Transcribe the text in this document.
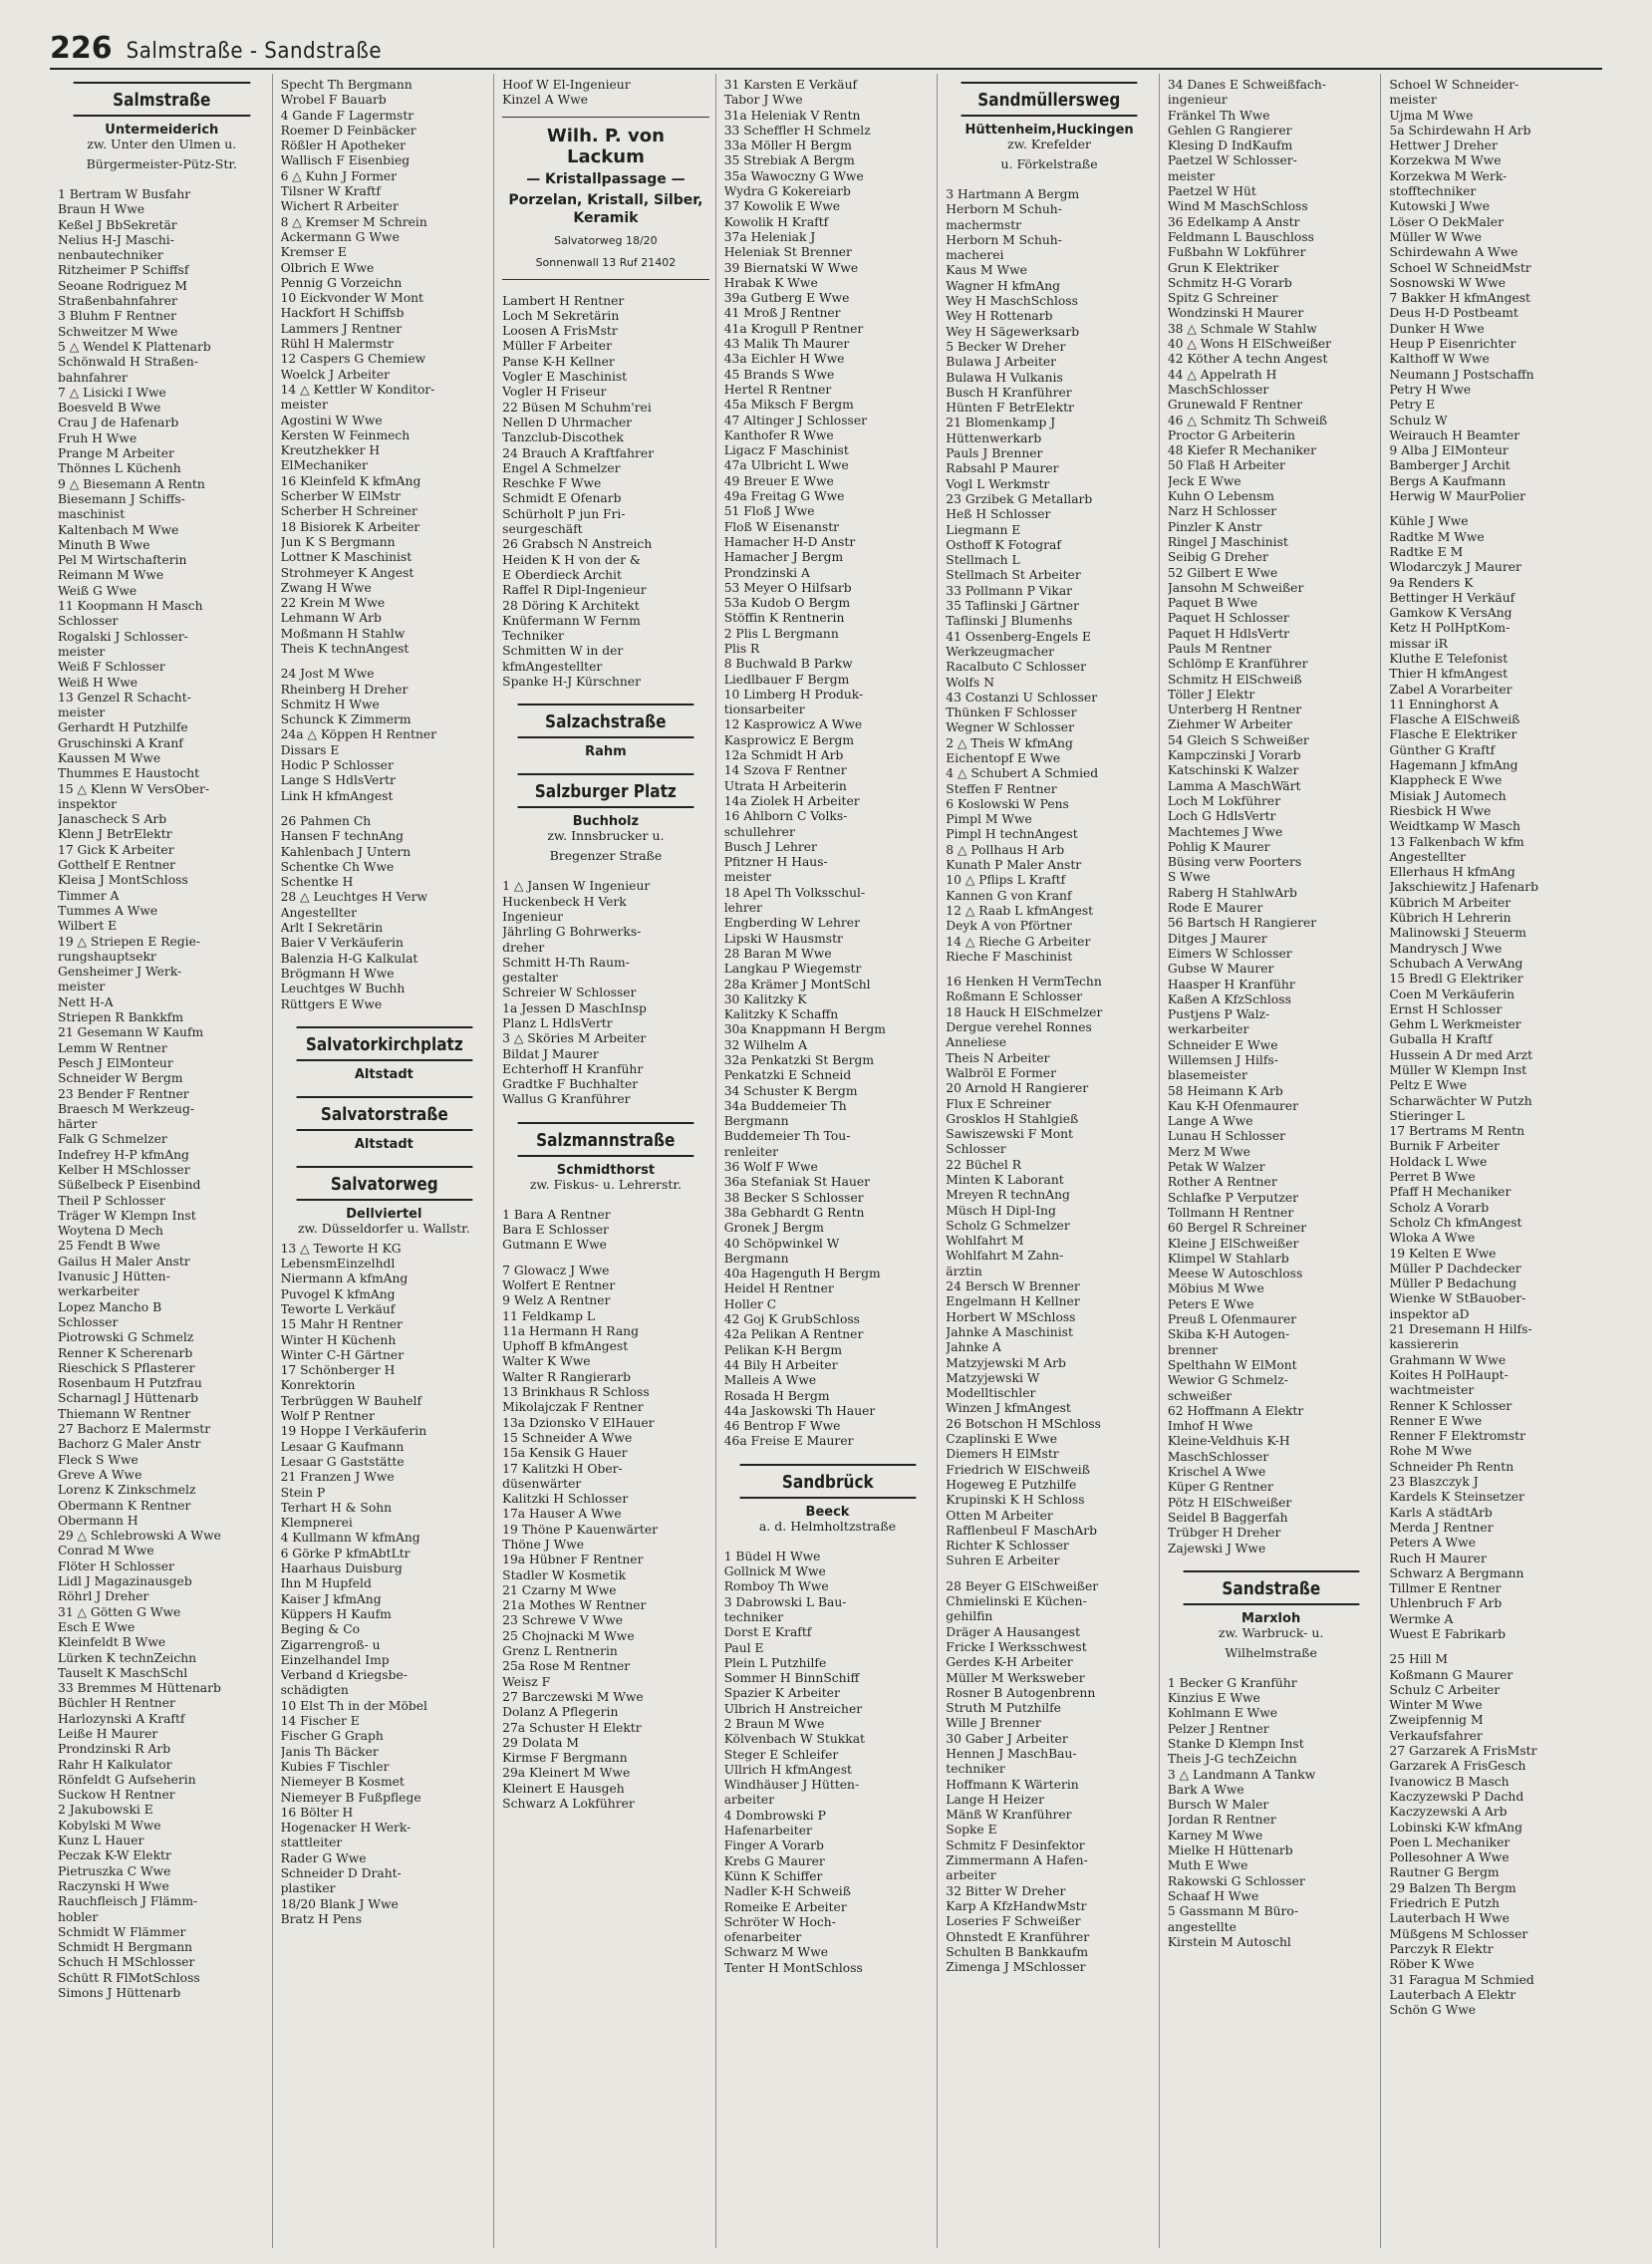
226 Salmstraße - Sandstraße
Salmstraße
Untermeiderich
zw. Unter den Ulmen u.
Bürgermeister-Pütz-Str.
1 Bertram W Busfahr
Braun H Wwe
Keßel J BbSekretär
Nelius H-J Maschi-
nenbautechniker
Ritzheimer P Schiffsf
Seoane Rodriguez M
Straßenbahnfahrer
3 Bluhm F Rentner
Schweitzer M Wwe
5 △ Wendel K Plattenarb
Schönwald H Straßen-
bahnfahrer
7 △ Lisicki I Wwe
Boesveld B Wwe
Crau J de Hafenarb
Fruh H Wwe
Prange M Arbeiter
Thönnes L Küchenh
9 △ Biesemann A Rentn
Biesemann J Schiffs-
maschinist
Kaltenbach M Wwe
Minuth B Wwe
Pel M Wirtschafterin
Reimann M Wwe
Weiß G Wwe
11 Koopmann H Masch
Schlosser
Rogalski J Schlosser-
meister
Weiß F Schlosser
Weiß H Wwe
13 Genzel R Schacht-
meister
Gerhardt H Putzhilfe
Gruschinski A Kranf
Kaussen M Wwe
Thummes E Haustocht
15 △ Klenn W VersOber-
inspektor
Janascheck S Arb
Klenn J BetrElektr
17 Gick K Arbeiter
Gotthelf E Rentner
Kleisa J MontSchloss
Timmer A
Tummes A Wwe
Wilbert E
19 △ Striepen E Regie-
rungshauptsekr
Gensheimer J Werk-
meister
Nett H-A
Striepen R Bankkfm
21 Gesemann W Kaufm
Lemm W Rentner
Pesch J ElMonteur
Schneider W Bergm
23 Bender F Rentner
Braesch M Werkzeug-
härter
Falk G Schmelzer
Indefrey H-P kfmAng
Kelber H MSchlosser
Süßelbeck P Eisenbind
Theil P Schlosser
Träger W Klempn Inst
Woytena D Mech
25 Fendt B Wwe
Gailus H Maler Anstr
Ivanusic J Hütten-
werkarbeiter
Lopez Mancho B
Schlosser
Piotrowski G Schmelz
Renner K Scherenarb
Rieschick S Pflasterer
Rosenbaum H Putzfrau
Scharnagl J Hüttenarb
Thiemann W Rentner
27 Bachorz E Malermstr
Bachorz G Maler Anstr
Fleck S Wwe
Greve A Wwe
Lorenz K Zinkschmelz
Obermann K Rentner
Obermann H
29 △ Schlebrowski A Wwe
Conrad M Wwe
Flöter H Schlosser
Lidl J Magazinausgeb
Röhrl J Dreher
31 △ Götten G Wwe
Esch E Wwe
Kleinfeldt B Wwe
Lürken K technZeichn
Tauselt K MaschSchl
33 Bremmes M Hüttenarb
Büchler H Rentner
Harlozynski A Kraftf
Leiße H Maurer
Prondzinski R Arb
Rahr H Kalkulator
Rönfeldt G Aufseherin
Suckow H Rentner
2 Jakubowski E
Kobylski M Wwe
Kunz L Hauer
Peczak K-W Elektr
Pietruszka C Wwe
Raczynski H Wwe
Rauchfleisch J Flämm-
hobler
Schmidt W Flämmer
Schmidt H Bergmann
Schuch H MSchlosser
Schütt R FlMotSchloss
Simons J Hüttenarb
Specht Th Bergmann
Wrobel F Bauarb
4 Gande F Lagermstr
Roemer D Feinbäcker
Rößler H Apotheker
Wallisch F Eisenbieg
6 △ Kuhn J Former
Tilsner W Kraftf
Wichert R Arbeiter
8 △ Kremser M Schrein
Ackermann G Wwe
Kremser E
Olbrich E Wwe
Pennig G Vorzeichn
10 Eickvonder W Mont
Hackfort H Schiffsb
Lammers J Rentner
Rühl H Malermstr
12 Caspers G Chemiew
Woelck J Arbeiter
14 △ Kettler W Konditor-
meister
Agostini W Wwe
Kersten W Feinmech
Kreutzhekker H
ElMechaniker
16 Kleinfeld K kfmAng
Scherber W ElMstr
Scherber H Schreiner
18 Bisiorek K Arbeiter
Jun K S Bergmann
Lottner K Maschinist
Strohmeyer K Angest
Zwang H Wwe
22 Krein M Wwe
Lehmann W Arb
Moßmann H Stahlw
Theis K technAngest
24 Jost M Wwe
Rheinberg H Dreher
Schmitz H Wwe
Schunck K Zimmerm
24a △ Köppen H Rentner
Dissars E
Hodic P Schlosser
Lange S HdlsVertr
Link H kfmAngest
26 Pahmen Ch
Hansen F technAng
Kahlenbach J Untern
Schentke Ch Wwe
Schentke H
28 △ Leuchtges H Verw
Angestellter
Arlt I Sekretärin
Baier V Verkäuferin
Balenzia H-G Kalkulat
Brögmann H Wwe
Leuchtges W Buchh
Rüttgers E Wwe
Salvatorkirchplatz
Altstadt
Salvatorstraße
Altstadt
Salvatorweg
Dellviertel
zw. Düsseldorfer u. Wallstr.
13 △ Teworte H KG
LebensmEinzelhdl
Niermann A kfmAng
Puvogel K kfmAng
Teworte L Verkäuf
15 Mahr H Rentner
Winter H Küchenh
Winter C-H Gärtner
17 Schönberger H
Konrektorin
Terbrüggen W Bauhelf
Wolf P Rentner
19 Hoppe I Verkäuferin
Lesaar G Kaufmann
Lesaar G Gaststätte
21 Franzen J Wwe
Stein P
Terhart H & Sohn
Klempnerei
4 Kullmann W kfmAng
6 Görke P kfmAbtLtr
Haarhaus Duisburg
Ihn M Hupfeld
Kaiser J kfmAng
Küppers H Kaufm
Beging & Co
Zigarrengroß- u
Einzelhandel Imp
Verband d Kriegsbe-
schädigten
10 Elst Th in der Möbel
14 Fischer E
Fischer G Graph
Janis Th Bäcker
Kubies F Tischler
Niemeyer B Kosmet
Niemeyer B Fußpflege
16 Bölter H
Hogenacker H Werk-
stattleiter
Rader G Wwe
Schneider D Draht-
plastiker
18/20 Blank J Wwe
Bratz H Pens
Hoof W El-Ingenieur
Kinzel A Wwe
Wilh. P. von Lackum
— Kristallpassage —
Porzelan, Kristall, Silber,
Keramik
Salvatorweg 18/20
Sonnenwall 13 Ruf 21402
Lambert H Rentner
Loch M Sekretärin
Loosen A FrisMstr
Müller F Arbeiter
Panse K-H Kellner
Vogler E Maschinist
Vogler H Friseur
22 Büsen M Schuhm'rei
Nellen D Uhrmacher
Tanzclub-Discothek
24 Brauch A Kraftfahrer
Engel A Schmelzer
Reschke F Wwe
Schmidt E Ofenarb
Schürholt P jun Fri-
seurgeschäft
26 Grabsch N Anstreich
Heiden K H von der &
E Oberdieck Archit
Raffel R Dipl-Ingenieur
28 Döring K Architekt
Knüfermann W Fernm
Techniker
Schmitten W in der
kfmAngestellter
Spanke H-J Kürschner
Salzachstraße
Rahm
Salzburger Platz
Buchholz
zw. Innsbrucker u.
Bregenzer Straße
1 △ Jansen W Ingenieur
Huckenbeck H Verk
Ingenieur
Jährling G Bohrwerks-
dreher
Schmitt H-Th Raum-
gestalter
Schreier W Schlosser
1a Jessen D MaschInsp
Planz L HdlsVertr
3 △ Sköries M Arbeiter
Bildat J Maurer
Echterhoff H Kranführ
Gradtke F Buchhalter
Wallus G Kranführer
Salzmannstraße
Schmidthorst
zw. Fiskus- u. Lehrerstr.
1 Bara A Rentner
Bara E Schlosser
Gutmann E Wwe
7 Glowacz J Wwe
Wolfert E Rentner
9 Welz A Rentner
11 Feldkamp L
11a Hermann H Rang
Uphoff B kfmAngest
Walter K Wwe
Walter R Rangierarb
13 Brinkhaus R Schloss
Mikolajczak F Rentner
13a Dzionsko V ElHauer
15 Schneider A Wwe
15a Kensik G Hauer
17 Kalitzki H Ober-
düsenwärter
Kalitzki H Schlosser
17a Hauser A Wwe
19 Thöne P Kauenwärter
Thöne J Wwe
19a Hübner F Rentner
Stadler W Kosmetik
21 Czarny M Wwe
21a Mothes W Rentner
23 Schrewe V Wwe
25 Chojnacki M Wwe
Grenz L Rentnerin
25a Rose M Rentner
Weisz F
27 Barczewski M Wwe
Dolanz A Pflegerin
27a Schuster H Elektr
29 Dolata M
Kirmse F Bergmann
29a Kleinert M Wwe
Kleinert E Hausgeh
Schwarz A Lokführer
31 Karsten E Verkäuf
Tabor J Wwe
31a Heleniak V Rentn
33 Scheffler H Schmelz
33a Möller H Bergm
35 Strebiak A Bergm
35a Wawoczny G Wwe
Wydra G Kokereiarb
37 Kowolik E Wwe
Kowolik H Kraftf
37a Heleniak J
Heleniak St Brenner
39 Biernatski W Wwe
Hrabak K Wwe
39a Gutberg E Wwe
41 Mroß J Rentner
41a Krogull P Rentner
43 Malik Th Maurer
43a Eichler H Wwe
45 Brands S Wwe
Hertel R Rentner
45a Miksch F Bergm
47 Altinger J Schlosser
Kanthofer R Wwe
Ligacz F Maschinist
47a Ulbricht L Wwe
49 Breuer E Wwe
49a Freitag G Wwe
51 Floß J Wwe
Floß W Eisenanstr
Hamacher H-D Anstr
Hamacher J Bergm
Prondzinski A
53 Meyer O Hilfsarb
53a Kudob O Bergm
Stöffin K Rentnerin
2 Plis L Bergmann
Plis R
8 Buchwald B Parkw
Liedlbauer F Bergm
10 Limberg H Produk-
tionsarbeiter
12 Kasprowicz A Wwe
Kasprowicz E Bergm
12a Schmidt H Arb
14 Szova F Rentner
Utrata H Arbeiterin
14a Ziolek H Arbeiter
16 Ahlborn C Volks-
schullehrer
Busch J Lehrer
Pfitzner H Haus-
meister
18 Apel Th Volksschul-
lehrer
Engberding W Lehrer
Lipski W Hausmstr
28 Baran M Wwe
Langkau P Wiegemstr
28a Krämer J MontSchl
30 Kalitzky K
Kalitzky K Schaffn
30a Knappmann H Bergm
32 Wilhelm A
32a Penkatzki St Bergm
Penkatzki E Schneid
34 Schuster K Bergm
34a Buddemeier Th
Bergmann
Buddemeier Th Tou-
renleiter
36 Wolf F Wwe
36a Stefaniak St Hauer
38 Becker S Schlosser
38a Gebhardt G Rentn
Gronek J Bergm
40 Schöpwinkel W
Bergmann
40a Hagenguth H Bergm
Heidel H Rentner
Holler C
42 Goj K GrubSchloss
42a Pelikan A Rentner
Pelikan K-H Bergm
44 Bily H Arbeiter
Malleis A Wwe
Rosada H Bergm
44a Jaskowski Th Hauer
46 Bentrop F Wwe
46a Freise E Maurer
Sandbrück
Beeck
a. d. Helmholtzstraße
1 Büdel H Wwe
Gollnick M Wwe
Romboy Th Wwe
3 Dabrowski L Bau-
techniker
Dorst E Kraftf
Paul E
Plein L Putzhilfe
Sommer H BinnSchiff
Spazier K Arbeiter
Ulbrich H Anstreicher
2 Braun M Wwe
Kölvenbach W Stukkat
Steger E Schleifer
Ullrich H kfmAngest
Windhäuser J Hütten-
arbeiter
4 Dombrowski P
Hafenarbeiter
Finger A Vorarb
Krebs G Maurer
Künn K Schiffer
Nadler K-H Schweiß
Romeike E Arbeiter
Schröter W Hoch-
ofenarbeiter
Schwarz M Wwe
Tenter H MontSchloss
Sandmüllersweg
Hüttenheim,Huckingen
zw. Krefelder
u. Förkelstraße
3 Hartmann A Bergm
Herborn M Schuh-
machermstr
Herborn M Schuh-
macherei
Kaus M Wwe
Wagner H kfmAng
Wey H MaschSchloss
Wey H Rottenarb
Wey H Sägewerksarb
5 Becker W Dreher
Bulawa J Arbeiter
Bulawa H Vulkanis
Busch H Kranführer
Hünten F BetrElektr
21 Blomenkamp J
Hüttenwerkarb
Pauls J Brenner
Rabsahl P Maurer
Vogl L Werkmstr
23 Grzibek G Metallarb
Heß H Schlosser
Liegmann E
Osthoff K Fotograf
Stellmach L
Stellmach St Arbeiter
33 Pollmann P Vikar
35 Taflinski J Gärtner
Taflinski J Blumenhs
41 Ossenberg-Engels E
Werkzeugmacher
Racalbuto C Schlosser
Wolfs N
43 Costanzi U Schlosser
Thünken F Schlosser
Wegner W Schlosser
2 △ Theis W kfmAng
Eichentopf E Wwe
4 △ Schubert A Schmied
Steffen F Rentner
6 Koslowski W Pens
Pimpl M Wwe
Pimpl H technAngest
8 △ Pollhaus H Arb
Kunath P Maler Anstr
10 △ Pflips L Kraftf
Kannen G von Kranf
12 △ Raab L kfmAngest
Deyk A von Pförtner
14 △ Rieche G Arbeiter
Rieche F Maschinist
16 Henken H VermTechn
Roßmann E Schlosser
18 Hauck H ElSchmelzer
Dergue verehel Ronnes
Anneliese
Theis N Arbeiter
Walbröl E Former
20 Arnold H Rangierer
Flux E Schreiner
Grosklos H Stahlgieß
Sawiszewski F Mont
Schlosser
22 Büchel R
Minten K Laborant
Mreyen R technAng
Müsch H Dipl-Ing
Scholz G Schmelzer
Wohlfahrt M
Wohlfahrt M Zahn-
ärztin
24 Bersch W Brenner
Engelmann H Kellner
Horbert W MSchloss
Jahnke A Maschinist
Jahnke A
Matzyjewski M Arb
Matzyjewski W
Modelltischler
Winzen J kfmAngest
26 Botschon H MSchloss
Czaplinski E Wwe
Diemers H ElMstr
Friedrich W ElSchweiß
Hogeweg E Putzhilfe
Krupinski K H Schloss
Otten M Arbeiter
Rafflenbeul F MaschArb
Richter K Schlosser
Suhren E Arbeiter
28 Beyer G ElSchweißer
Chmielinski E Küchen-
gehilfin
Dräger A Hausangest
Fricke I Werksschwest
Gerdes K-H Arbeiter
Müller M Werksweber
Rosner B Autogenbrenn
Struth M Putzhilfe
Wille J Brenner
30 Gaber J Arbeiter
Hennen J MaschBau-
techniker
Hoffmann K Wärterin
Lange H Heizer
Mänß W Kranführer
Sopke E
Schmitz F Desinfektor
Zimmermann A Hafen-
arbeiter
32 Bitter W Dreher
Karp A KfzHandwMstr
Loseries F Schweißer
Ohnstedt E Kranführer
Schulten B Bankkaufm
Zimenga J MSchlosser
34 Danes E Schweißfach-
ingenieur
Fränkel Th Wwe
Gehlen G Rangierer
Klesing D IndKaufm
Paetzel W Schlosser-
meister
Paetzel W Hüt
Wind M MaschSchloss
36 Edelkamp A Anstr
Feldmann L Bauschloss
Fußbahn W Lokführer
Grun K Elektriker
Schmitz H-G Vorarb
Spitz G Schreiner
Wondzinski H Maurer
38 △ Schmale W Stahlw
40 △ Wons H ElSchweißer
42 Köther A techn Angest
44 △ Appelrath H
MaschSchlosser
Grunewald F Rentner
46 △ Schmitz Th Schweiß
Proctor G Arbeiterin
48 Kiefer R Mechaniker
50 Flaß H Arbeiter
Jeck E Wwe
Kuhn O Lebensm
Narz H Schlosser
Pinzler K Anstr
Ringel J Maschinist
Seibig G Dreher
52 Gilbert E Wwe
Jansohn M Schweißer
Paquet B Wwe
Paquet H Schlosser
Paquet H HdlsVertr
Pauls M Rentner
Schlömp E Kranführer
Schmitz H ElSchweiß
Töller J Elektr
Unterberg H Rentner
Ziehmer W Arbeiter
54 Gleich S Schweißer
Kampczinski J Vorarb
Katschinski K Walzer
Lamma A MaschWärt
Loch M Lokführer
Loch G HdlsVertr
Machtemes J Wwe
Pohlig K Maurer
Büsing verw Poorters
S Wwe
Raberg H StahlwArb
Rode E Maurer
56 Bartsch H Rangierer
Ditges J Maurer
Eimers W Schlosser
Gubse W Maurer
Haasper H Kranführ
Kaßen A KfzSchloss
Pustjens P Walz-
werkarbeiter
Schneider E Wwe
Willemsen J Hilfs-
blasemeister
58 Heimann K Arb
Kau K-H Ofenmaurer
Lange A Wwe
Lunau H Schlosser
Merz M Wwe
Petak W Walzer
Rother A Rentner
Schlafke P Verputzer
Tollmann H Rentner
60 Bergel R Schreiner
Kleine J ElSchweißer
Klimpel W Stahlarb
Meese W Autoschloss
Möbius M Wwe
Peters E Wwe
Preuß L Ofenmaurer
Skiba K-H Autogen-
brenner
Spelthahn W ElMont
Wewior G Schmelz-
schweißer
62 Hoffmann A Elektr
Imhof H Wwe
Kleine-Veldhuis K-H
MaschSchlosser
Krischel A Wwe
Küper G Rentner
Pötz H ElSchweißer
Seidel B Baggerfah
Trübger H Dreher
Zajewski J Wwe
Sandstraße
Marxloh
zw. Warbruck- u.
Wilhelmstraße
1 Becker G Kranführ
Kinzius E Wwe
Kohlmann E Wwe
Pelzer J Rentner
Stanke D Klempn Inst
Theis J-G techZeichn
3 △ Landmann A Tankw
Bark A Wwe
Bursch W Maler
Jordan R Rentner
Karney M Wwe
Mielke H Hüttenarb
Muth E Wwe
Rakowski G Schlosser
Schaaf H Wwe
5 Gassmann M Büro-
angestellte
Kirstein M Autoschl
Schoel W Schneider-
meister
Ujma M Wwe
5a Schirdewahn H Arb
Hettwer J Dreher
Korzekwa M Wwe
Korzekwa M Werk-
stofftechniker
Kutowski J Wwe
Löser O DekMaler
Müller W Wwe
Schirdewahn A Wwe
Schoel W SchneidMstr
Sosnowski W Wwe
7 Bakker H kfmAngest
Deus H-D Postbeamt
Dunker H Wwe
Heup P Eisenrichter
Kalthoff W Wwe
Neumann J Postschaffn
Petry H Wwe
Petry E
Schulz W
Weirauch H Beamter
9 Alba J ElMonteur
Bamberger J Archit
Bergs A Kaufmann
Herwig W MaurPolier
Kühle J Wwe
Radtke M Wwe
Radtke E M
Wlodarczyk J Maurer
9a Renders K
Bettinger H Verkäuf
Gamkow K VersAng
Ketz H PolHptKom-
missar iR
Kluthe E Telefonist
Thier H kfmAngest
Zabel A Vorarbeiter
11 Enninghorst A
Flasche A ElSchweiß
Flasche E Elektriker
Günther G Kraftf
Hagemann J kfmAng
Klappheck E Wwe
Misiak J Automech
Riesbick H Wwe
Weidtkamp W Masch
13 Falkenbach W kfm
Angestellter
Ellerhaus H kfmAng
Jakschiewitz J Hafenarb
Kübrich M Arbeiter
Kübrich H Lehrerin
Malinowski J Steuerm
Mandrysch J Wwe
Schubach A VerwAng
15 Bredl G Elektriker
Coen M Verkäuferin
Ernst H Schlosser
Gehm L Werkmeister
Guballa H Kraftf
Hussein A Dr med Arzt
Müller W Klempn Inst
Peltz E Wwe
Scharwächter W Putzh
Stieringer L
17 Bertrams M Rentn
Burnik F Arbeiter
Holdack L Wwe
Perret B Wwe
Pfaff H Mechaniker
Scholz A Vorarb
Scholz Ch kfmAngest
Wloka A Wwe
19 Kelten E Wwe
Müller P Dachdecker
Müller P Bedachung
Wienke W StBauober-
inspektor aD
21 Dresemann H Hilfs-
kassiererin
Grahmann W Wwe
Koites H PolHaupt-
wachtmeister
Renner K Schlosser
Renner E Wwe
Renner F Elektromstr
Rohe M Wwe
Schneider Ph Rentn
23 Blaszczyk J
Kardels K Steinsetzer
Karls A städtArb
Merda J Rentner
Peters A Wwe
Ruch H Maurer
Schwarz A Bergmann
Tillmer E Rentner
Uhlenbruch F Arb
Wermke A
Wuest E Fabrikarb
25 Hill M
Koßmann G Maurer
Schulz C Arbeiter
Winter M Wwe
Zweipfennig M
Verkaufsfahrer
27 Garzarek A FrisMstr
Garzarek A FrisGesch
Ivanowicz B Masch
Kaczyzewski P Dachd
Kaczyzewski A Arb
Lobinski K-W kfmAng
Poen L Mechaniker
Pollesohner A Wwe
Rautner G Bergm
29 Balzen Th Bergm
Friedrich E Putzh
Lauterbach H Wwe
Müßgens M Schlosser
Parczyk R Elektr
Röber K Wwe
31 Faragua M Schmied
Lauterbach A Elektr
Schön G Wwe
